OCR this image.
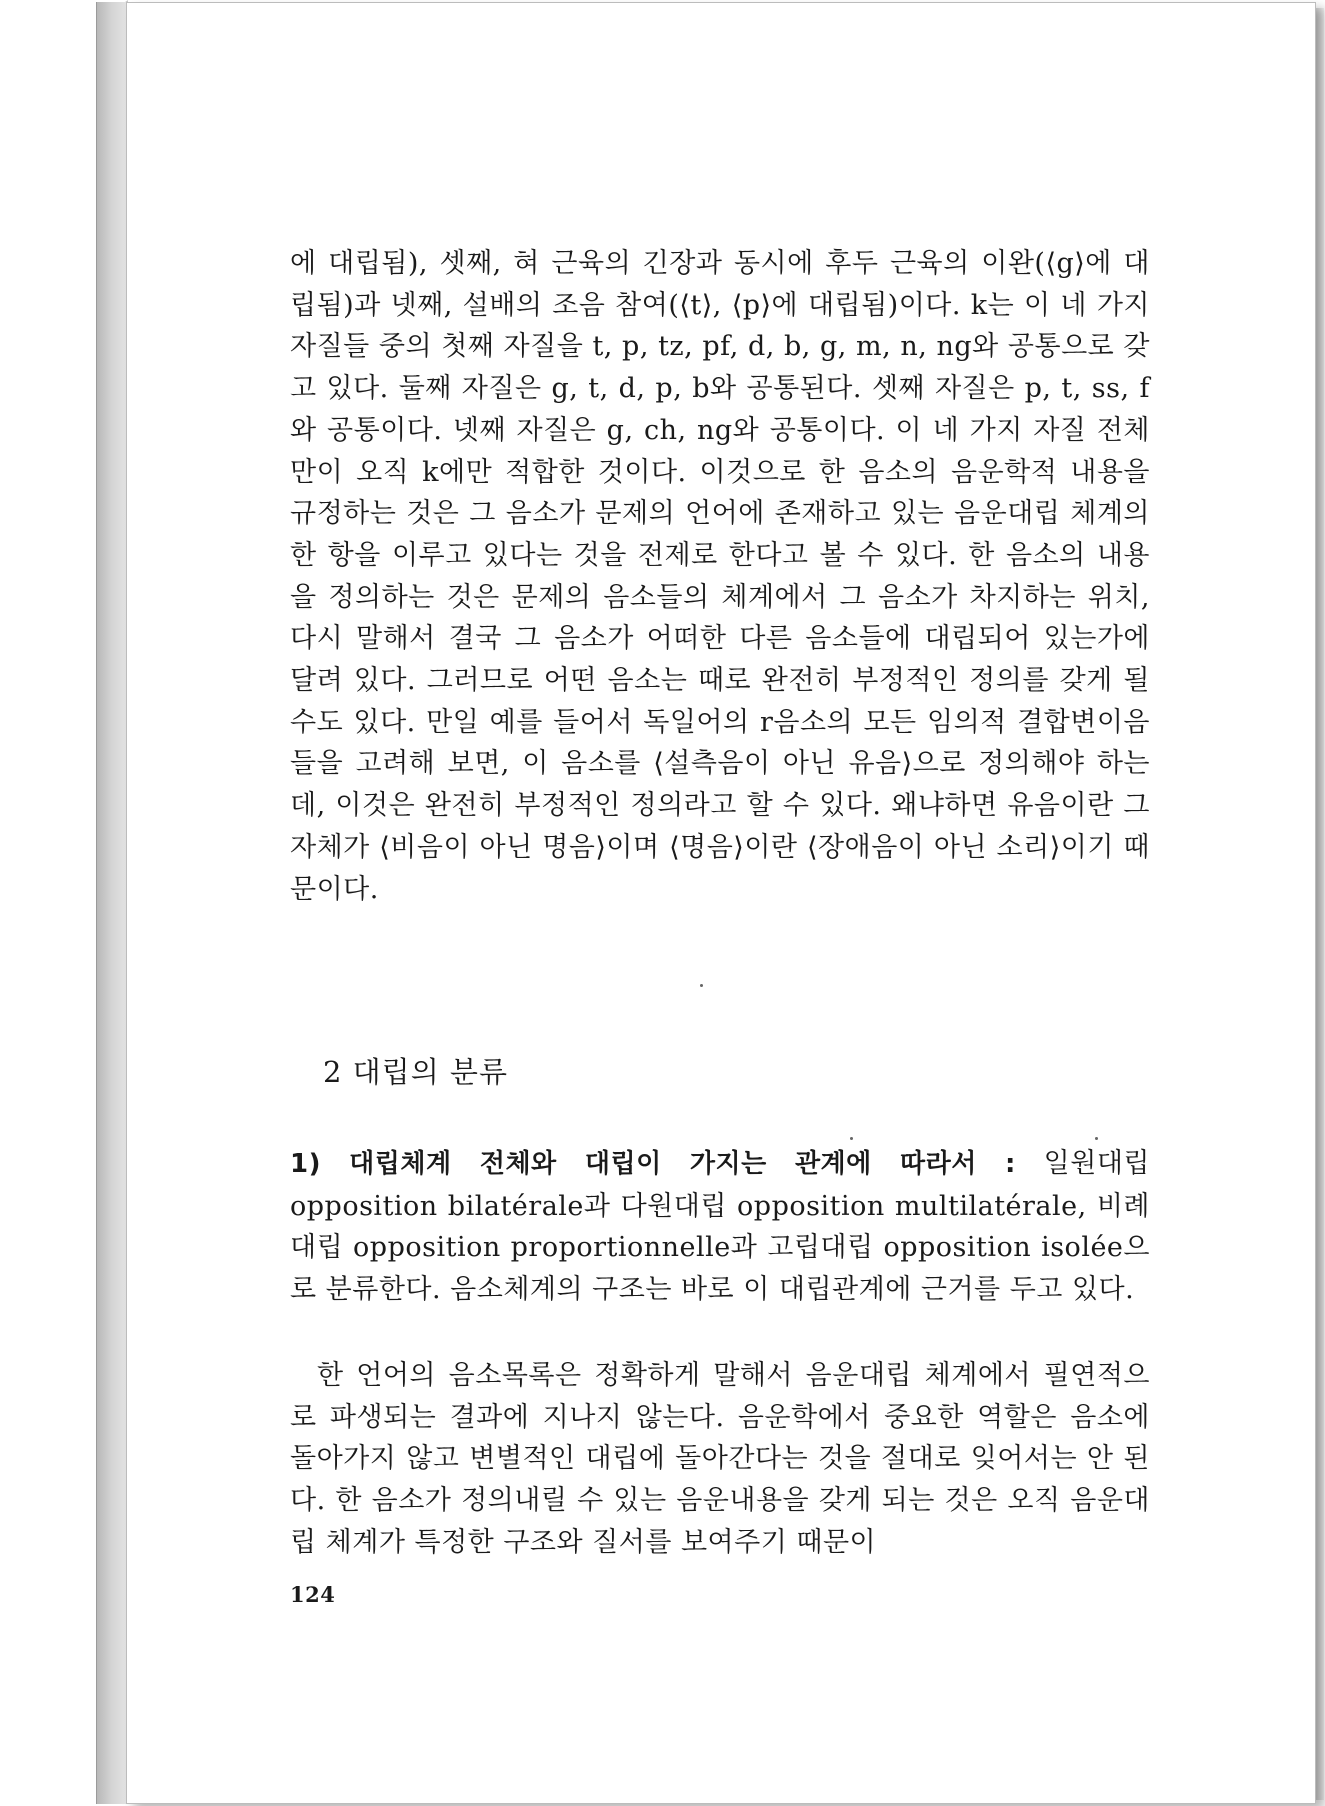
에 대립됨), 셋째, 혀 근육의 긴장과 동시에 후두 근육의 이완(⟨g⟩에 대립됨)과 넷째, 설배의 조음 참여(⟨t⟩, ⟨p⟩에 대립됨)이다. k는 이 네 가지 자질들 중의 첫째 자질을 t, p, tz, pf, d, b, g, m, n, ng와 공통으로 갖고 있다. 둘째 자질은 g, t, d, p, b와 공통된다. 셋째 자질은 p, t, ss, f와 공통이다. 넷째 자질은 g, ch, ng와 공통이다. 이 네 가지 자질 전체만이 오직 k에만 적합한 것이다. 이것으로 한 음소의 음운학적 내용을 규정하는 것은 그 음소가 문제의 언어에 존재하고 있는 음운대립 체계의 한 항을 이루고 있다는 것을 전제로 한다고 볼 수 있다. 한 음소의 내용을 정의하는 것은 문제의 음소들의 체계에서 그 음소가 차지하는 위치, 다시 말해서 결국 그 음소가 어떠한 다른 음소들에 대립되어 있는가에 달려 있다. 그러므로 어떤 음소는 때로 완전히 부정적인 정의를 갖게 될 수도 있다. 만일 예를 들어서 독일어의 r음소의 모든 임의적 결합변이음들을 고려해 보면, 이 음소를 ⟨설측음이 아닌 유음⟩으로 정의해야 하는데, 이것은 완전히 부정적인 정의라고 할 수 있다. 왜냐하면 유음이란 그 자체가 ⟨비음이 아닌 명음⟩이며 ⟨명음⟩이란 ⟨장애음이 아닌 소리⟩이기 때문이다.

2 대립의 분류

1) 대립체계 전체와 대립이 가지는 관계에 따라서 : 일원대립 opposition bilatérale과 다원대립 opposition multilatérale, 비례대립 opposition proportionnelle과 고립대립 opposition isolée으로 분류한다. 음소체계의 구조는 바로 이 대립관계에 근거를 두고 있다.

한 언어의 음소목록은 정확하게 말해서 음운대립 체계에서 필연적으로 파생되는 결과에 지나지 않는다. 음운학에서 중요한 역할은 음소에 돌아가지 않고 변별적인 대립에 돌아간다는 것을 절대로 잊어서는 안 된다. 한 음소가 정의내릴 수 있는 음운내용을 갖게 되는 것은 오직 음운대립 체계가 특정한 구조와 질서를 보여주기 때문이

124
